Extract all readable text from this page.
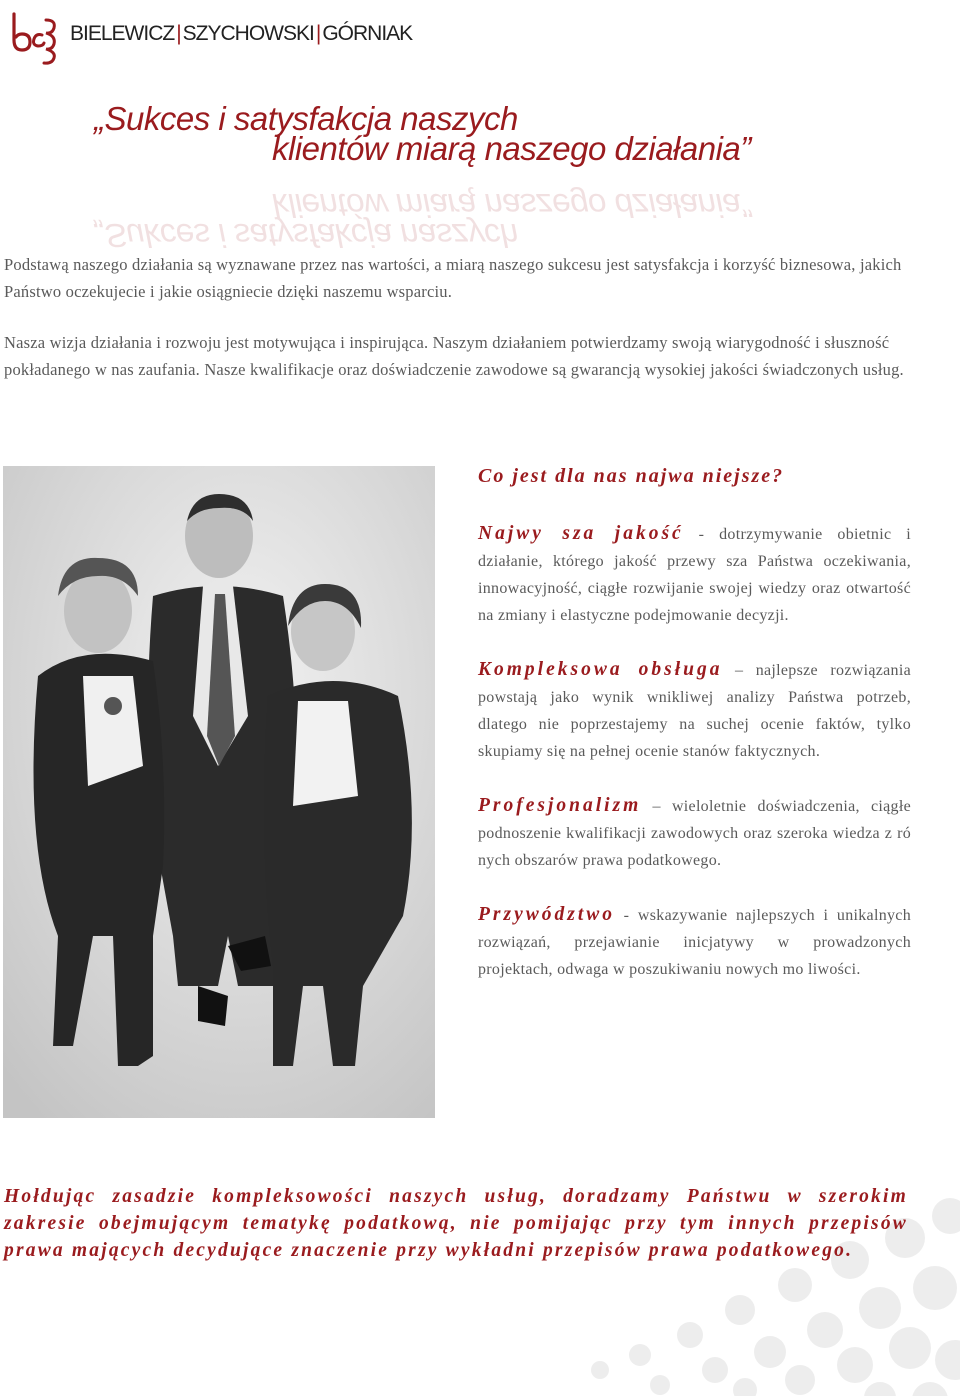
BIELEWICZ|SZYCHOWSKI|GÓRNIAK
„Sukces i satysfakcja naszych
klientów miarą naszego działania”
„Sukces i satysfakcja naszych
klientów miarą naszego działania”

Podstawą naszego działania są wyznawane przez nas wartości, a miarą naszego sukcesu jest satysfakcja i korzyść biznesowa, jakich Państwo oczekujecie i jakie osiągniecie dzięki naszemu wsparciu.

Nasza wizja działania i rozwoju jest motywująca i inspirująca. Naszym działaniem potwierdzamy swoją wiarygodność i słuszność pokładanego w nas zaufania. Nasze kwalifikacje oraz doświadczenie zawodowe są gwarancją wysokiej jakości świadczonych usług.

Co jest dla nas najwa niejsze?

Najwy sza jakość - dotrzymywanie obietnic i działanie, którego jakość przewy sza Państwa oczekiwania, innowacyjność, ciągłe rozwijanie swojej wiedzy oraz otwartość na zmiany i elastyczne podejmowanie decyzji.

Kompleksowa obsługa – najlepsze rozwiązania powstają jako wynik wnikliwej analizy Państwa potrzeb, dlatego nie poprzestajemy na suchej ocenie faktów, tylko skupiamy się na pełnej ocenie stanów faktycznych.

Profesjonalizm – wieloletnie doświadczenia, ciągłe podnoszenie kwalifikacji zawodowych oraz szeroka wiedza z ró nych obszarów prawa podatkowego.

Przywództwo - wskazywanie najlepszych i unikalnych rozwiązań, przejawianie inicjatywy w prowadzonych projektach, odwaga w poszukiwaniu nowych mo liwości.

Hołdując zasadzie kompleksowości naszych usług, doradzamy Państwu w szerokim zakresie obejmującym tematykę podatkową, nie pomijając przy tym innych przepisów prawa mających decydujące znaczenie przy wykładni przepisów prawa podatkowego.
